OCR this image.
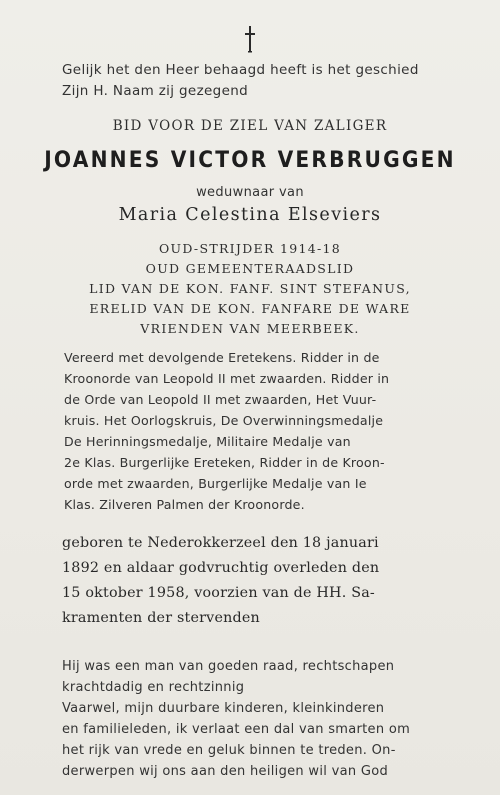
Gelijk het den Heer behaagd heeft is het geschied
Zijn H. Naam zij gezegend
BID VOOR DE ZIEL VAN ZALIGER
JOANNES VICTOR VERBRUGGEN
weduwnaar van
Maria Celestina Elseviers
OUD-STRIJDER 1914-18
OUD GEMEENTERAADSLID
LID VAN DE KON. FANF. SINT STEFANUS,
ERELID VAN DE KON. FANFARE DE WARE
VRIENDEN VAN MEERBEEK.
Vereerd met devolgende Eretekens. Ridder in de
Kroonorde van Leopold II met zwaarden. Ridder in
de Orde van Leopold II met zwaarden, Het Vuur-
kruis. Het Oorlogskruis, De Overwinningsmedalje
De Herinningsmedalje, Militaire Medalje van
2e Klas. Burgerlijke Ereteken, Ridder in de Kroon-
orde met zwaarden, Burgerlijke Medalje van Ie
Klas. Zilveren Palmen der Kroonorde.
geboren te Nederokkerzeel den 18 januari
1892 en aldaar godvruchtig overleden den
15 oktober 1958, voorzien van de HH. Sa-
kramenten der stervenden
Hij was een man van goeden raad, rechtschapen
krachtdadig en rechtzinnig
Vaarwel, mijn duurbare kinderen, kleinkinderen
en familieleden, ik verlaat een dal van smarten om
het rijk van vrede en geluk binnen te treden. On-
derwerpen wij ons aan den heiligen wil van God
